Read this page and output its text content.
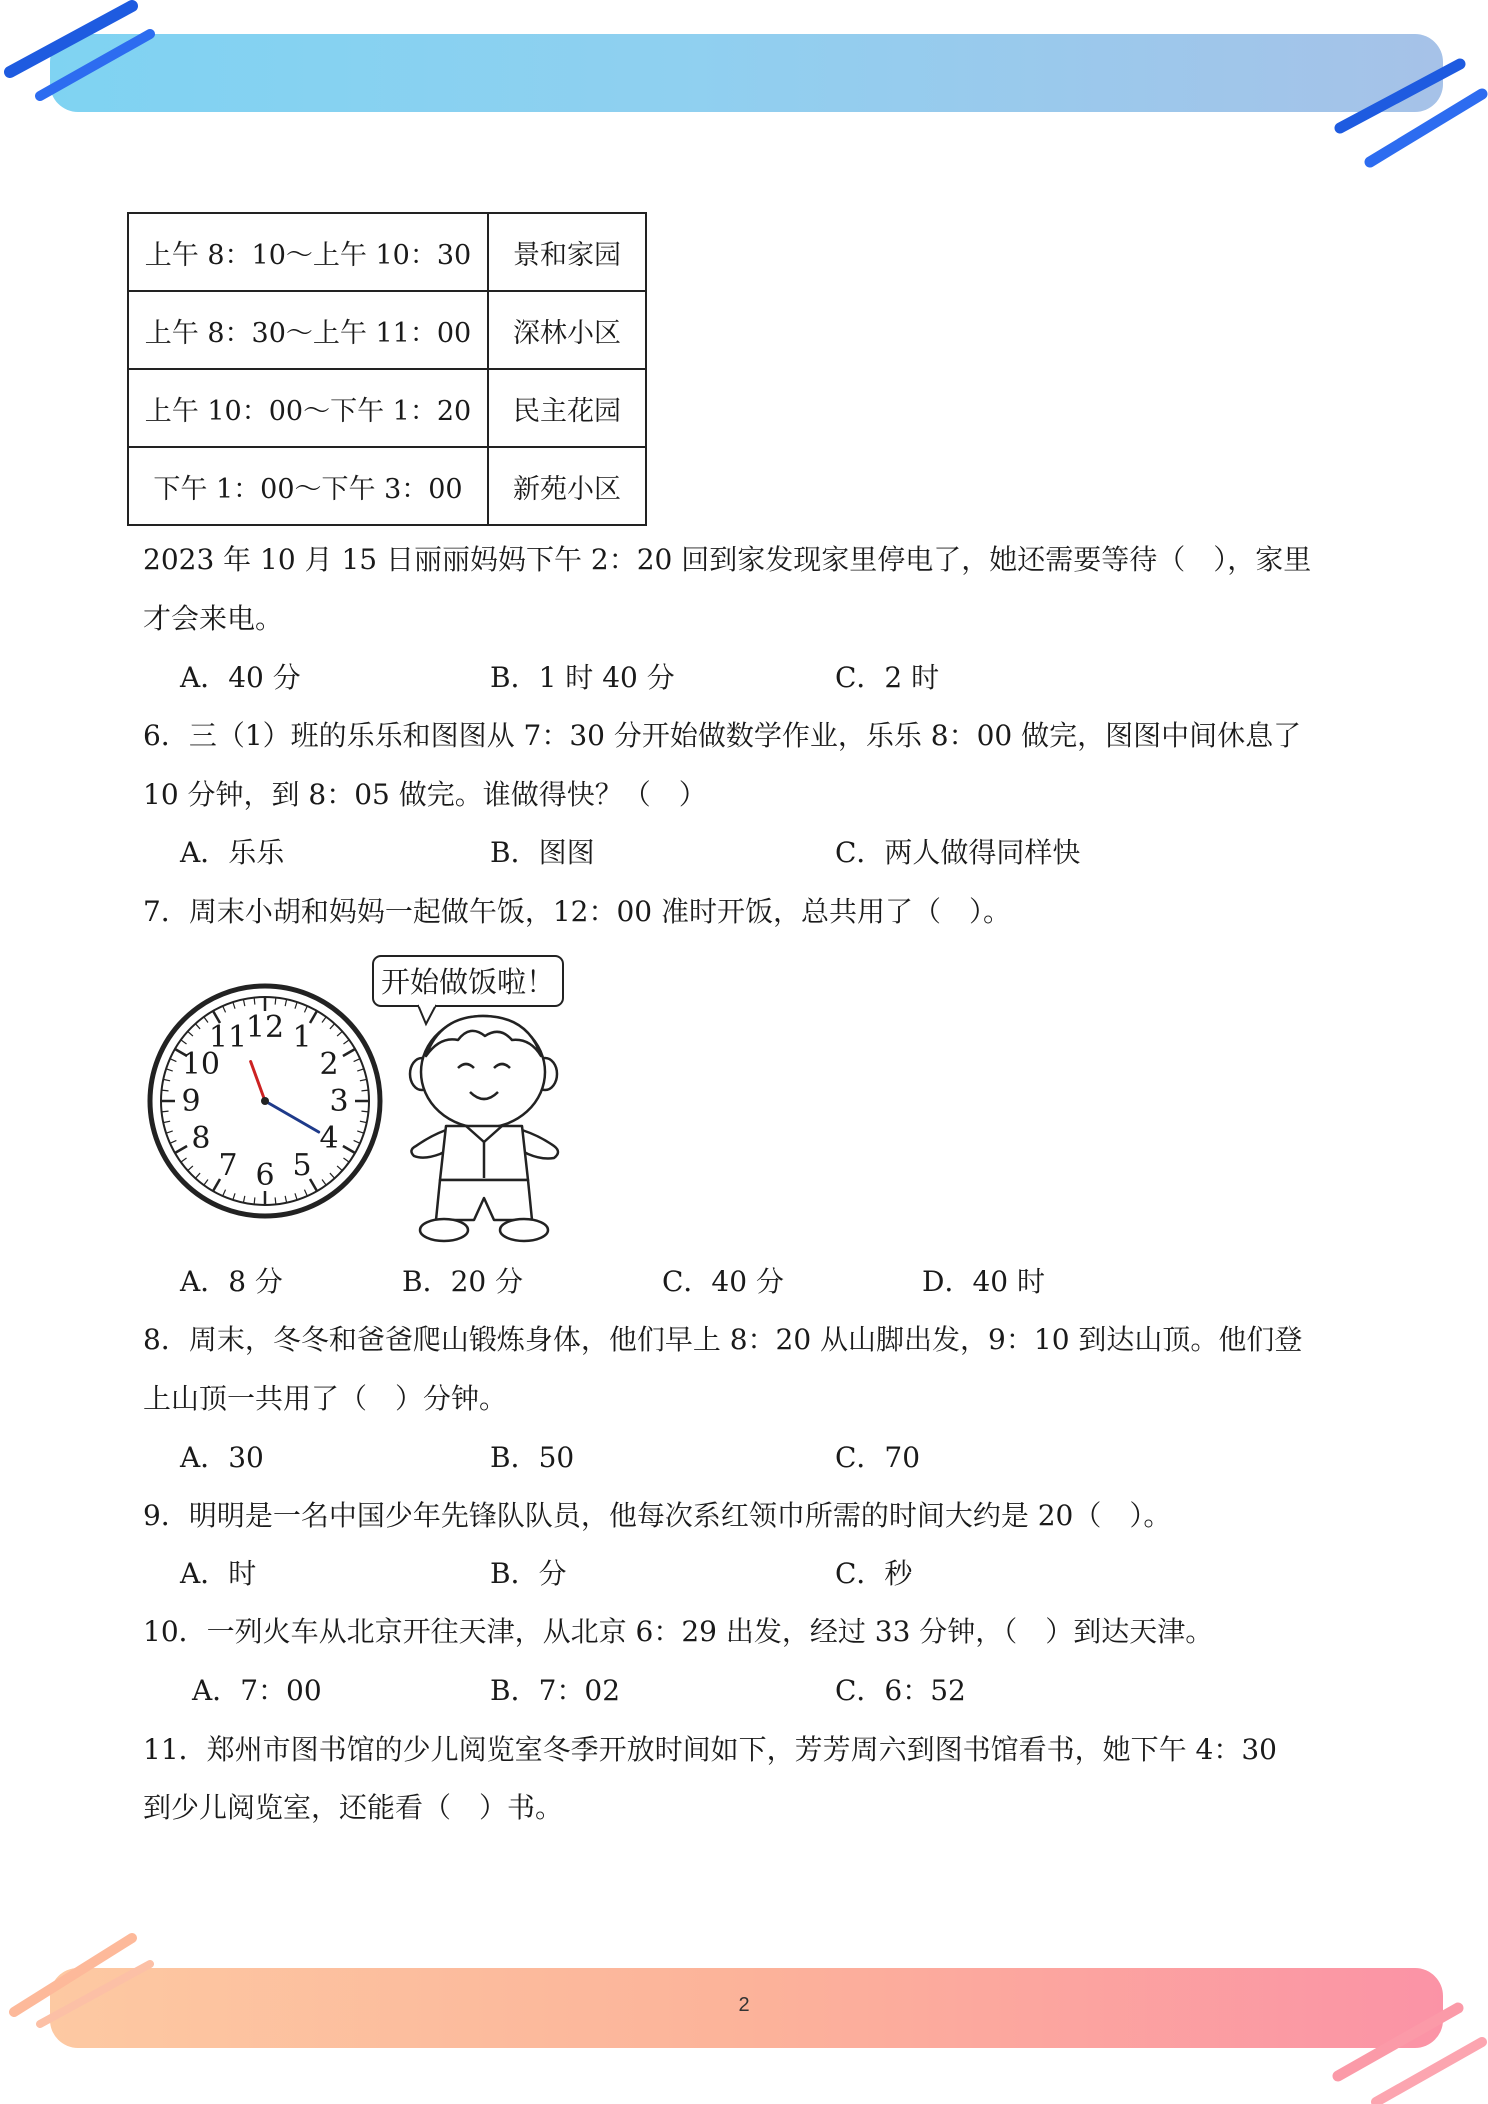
上午 8：10～上午 10：30	景和家园
上午 8：30～上午 11：00	深林小区
上午 10：00～下午 1：20	民主花园
下午 1：00～下午 3：00	新苑小区
2023 年 10 月 15 日丽丽妈妈下午 2：20 回到家发现家里停电了，她还需要等待（　），家里
才会来电。
A．40 分	B．1 时 40 分	C．2 时
6．三（1）班的乐乐和图图从 7：30 分开始做数学作业，乐乐 8：00 做完，图图中间休息了
10 分钟，到 8：05 做完。谁做得快？（　）
A．乐乐	B．图图	C．两人做得同样快
7．周末小胡和妈妈一起做午饭，12：00 准时开饭，总共用了（　）。
12 1
2
3
4
5
6
7
8
9
10
11
开始做饭啦！
A．8 分	B．20 分	C．40 分	D．40 时
8．周末，冬冬和爸爸爬山锻炼身体，他们早上 8：20 从山脚出发，9：10 到达山顶。他们登
上山顶一共用了（　）分钟。
A．30	B．50	C．70
9．明明是一名中国少年先锋队队员，他每次系红领巾所需的时间大约是 20（　）。
A．时	B．分	C．秒
10．一列火车从北京开往天津，从北京 6：29 出发，经过 33 分钟，（　）到达天津。
A．7：00	B．7：02	C．6：52
11．郑州市图书馆的少儿阅览室冬季开放时间如下，芳芳周六到图书馆看书，她下午 4：30
到少儿阅览室，还能看（　）书。
2
